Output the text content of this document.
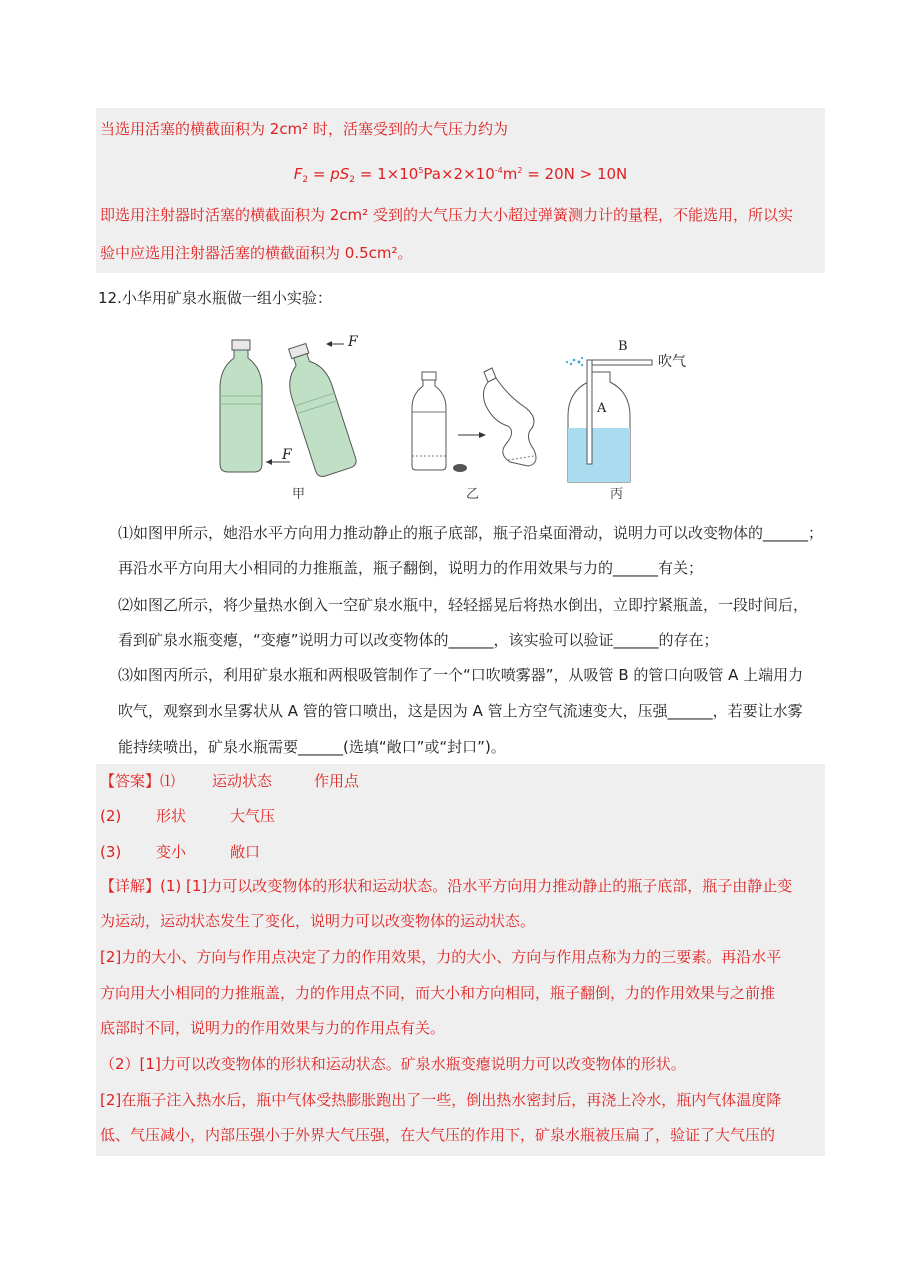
当选用活塞的横截面积为 2cm² 时，活塞受到的大气压力约为
$F_2 = pS_2 = 1\times 10^5Pa\times 2\times 10^{-4}m^2 = 20N > 10N$
即选用注射器时活塞的横截面积为 2cm² 受到的大气压力大小超过弹簧测力计的量程，不能选用，所以实
验中应选用注射器活塞的横截面积为 0.5cm²。
12.小华用矿泉水瓶做一组小实验：
F
F
甲	乙
A
B
吹气
丙
⑴如图甲所示，她沿水平方向用力推动静止的瓶子底部，瓶子沿桌面滑动，说明力可以改变物体的______；
再沿水平方向用大小相同的力推瓶盖，瓶子翻倒，说明力的作用效果与力的______有关；
⑵如图乙所示，将少量热水倒入一空矿泉水瓶中，轻轻摇晃后将热水倒出，立即拧紧瓶盖，一段时间后，
看到矿泉水瓶变瘪，“变瘪”说明力可以改变物体的______，该实验可以验证______的存在；
⑶如图丙所示，利用矿泉水瓶和两根吸管制作了一个“口吹喷雾器”，从吸管 B 的管口向吸管 A 上端用力
吹气，观察到水呈雾状从 A 管的管口喷出，这是因为 A 管上方空气流速变大，压强______，若要让水雾
能持续喷出，矿泉水瓶需要______(选填“敞口”或“封口”)。
【答案】⑴ 运动状态	作用点
(2) 形状	大气压
(3) 变小	敞口
【详解】(1) [1]力可以改变物体的形状和运动状态。沿水平方向用力推动静止的瓶子底部，瓶子由静止变
为运动，运动状态发生了变化，说明力可以改变物体的运动状态。
[2]力的大小、方向与作用点决定了力的作用效果，力的大小、方向与作用点称为力的三要素。再沿水平
方向用大小相同的力推瓶盖，力的作用点不同，而大小和方向相同，瓶子翻倒，力的作用效果与之前推
底部时不同，说明力的作用效果与力的作用点有关。
（2）[1]力可以改变物体的形状和运动状态。矿泉水瓶变瘪说明力可以改变物体的形状。
[2]在瓶子注入热水后，瓶中气体受热膨胀跑出了一些，倒出热水密封后，再浇上冷水，瓶内气体温度降
低、气压减小，内部压强小于外界大气压强，在大气压的作用下，矿泉水瓶被压扁了，验证了大气压的
